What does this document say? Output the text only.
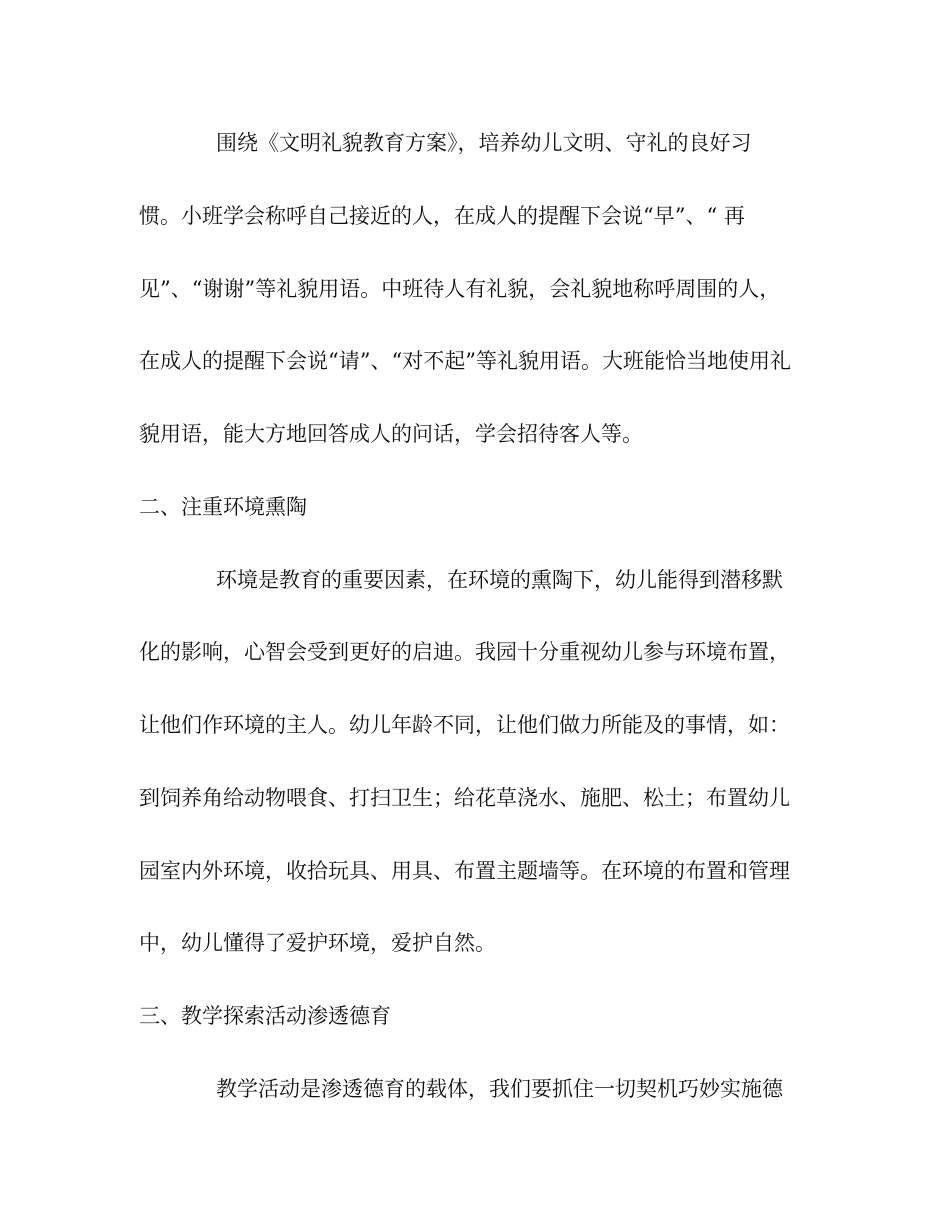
围绕《文明礼貌教育方案》，培养幼儿文明、守礼的良好习

惯。小班学会称呼自己接近的人，在成人的提醒下会说“早”、“ 再

见”、“谢谢”等礼貌用语。中班待人有礼貌，会礼貌地称呼周围的人，

在成人的提醒下会说“请”、“对不起”等礼貌用语。大班能恰当地使用礼

貌用语，能大方地回答成人的问话，学会招待客人等。

二、注重环境熏陶

环境是教育的重要因素，在环境的熏陶下，幼儿能得到潜移默

化的影响，心智会受到更好的启迪。我园十分重视幼儿参与环境布置，

让他们作环境的主人。幼儿年龄不同，让他们做力所能及的事情，如：

到饲养角给动物喂食、打扫卫生；给花草浇水、施肥、松土；布置幼儿

园室内外环境，收拾玩具、用具、布置主题墙等。在环境的布置和管理

中，幼儿懂得了爱护环境，爱护自然。

三、教学探索活动渗透德育

教学活动是渗透德育的载体，我们要抓住一切契机巧妙实施德
